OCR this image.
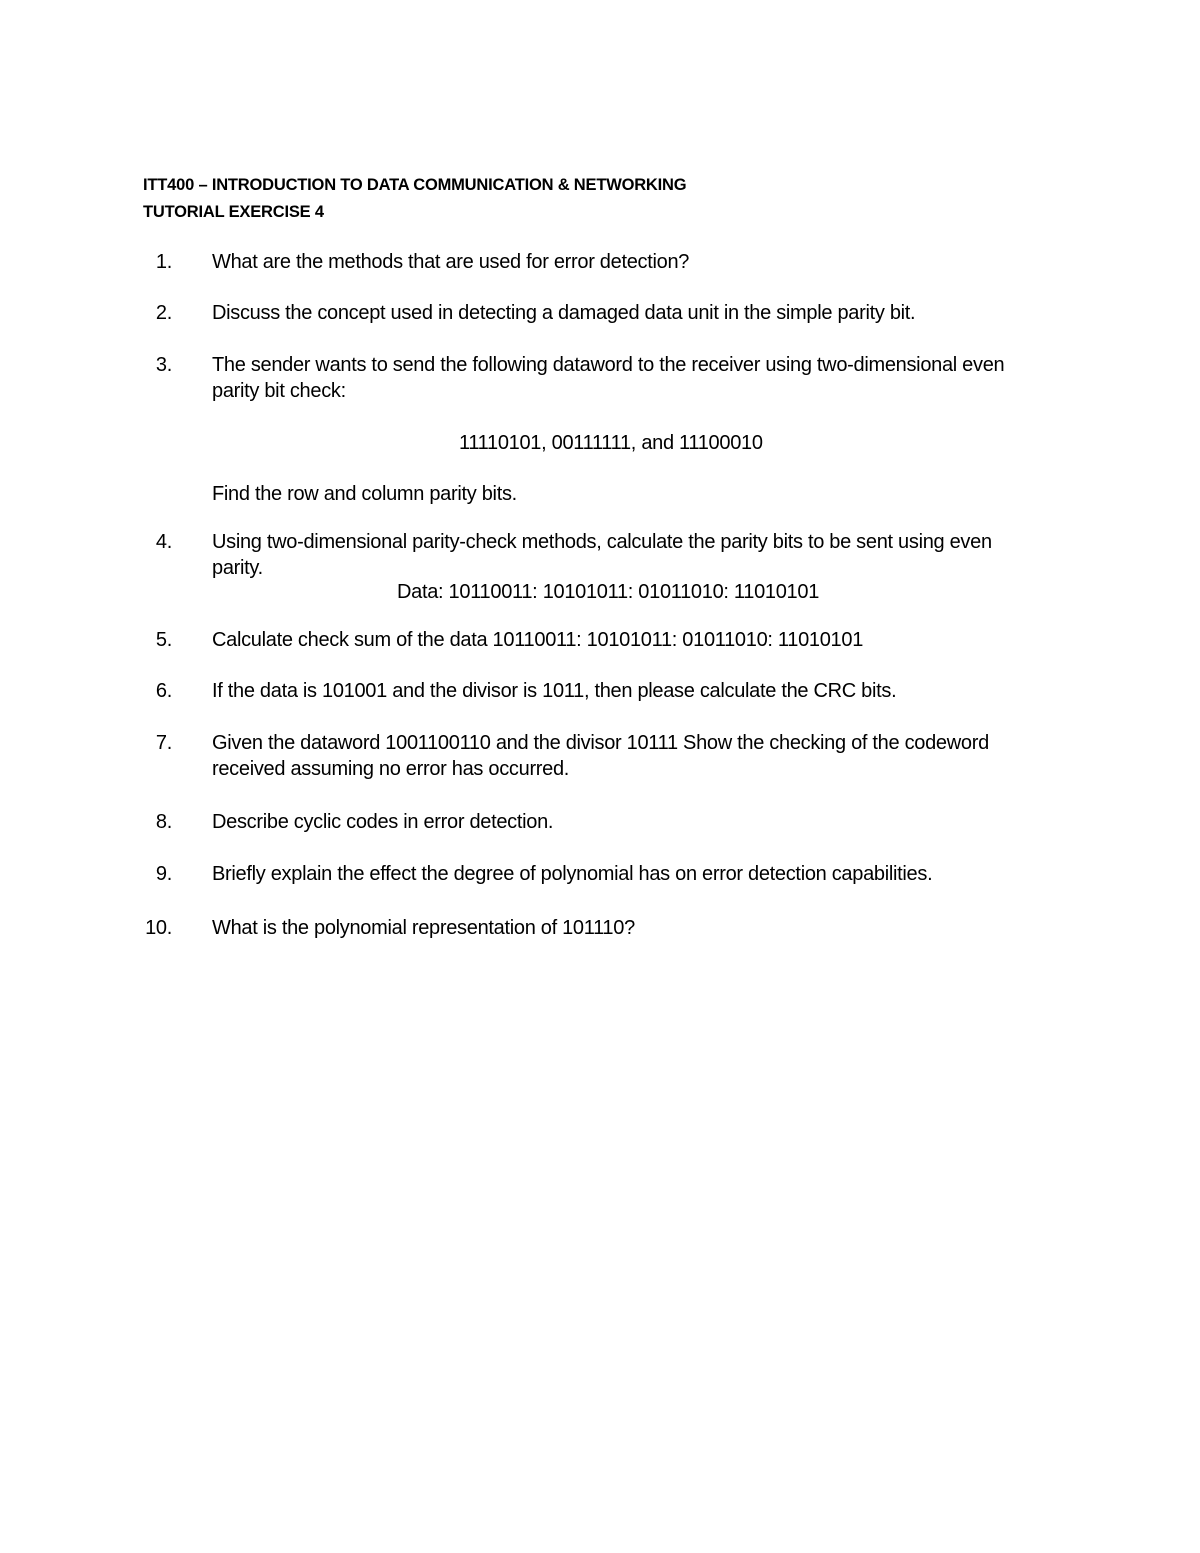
ITT400 – INTRODUCTION TO DATA COMMUNICATION & NETWORKING
TUTORIAL EXERCISE 4
1. What are the methods that are used for error detection?
2. Discuss the concept used in detecting a damaged data unit in the simple parity bit.
3. The sender wants to send the following dataword to the receiver using two-dimensional even parity bit check:
11110101, 00111111, and 11100010
Find the row and column parity bits.
4. Using two-dimensional parity-check methods, calculate the parity bits to be sent using even parity.
Data: 10110011: 10101011: 01011010: 11010101
5. Calculate check sum of the data 10110011: 10101011: 01011010: 11010101
6. If the data is 101001 and the divisor is 1011, then please calculate the CRC bits.
7. Given the dataword 1001100110 and the divisor 10111 Show the checking of the codeword received assuming no error has occurred.
8. Describe cyclic codes in error detection.
9. Briefly explain the effect the degree of polynomial has on error detection capabilities.
10. What is the polynomial representation of 101110?
